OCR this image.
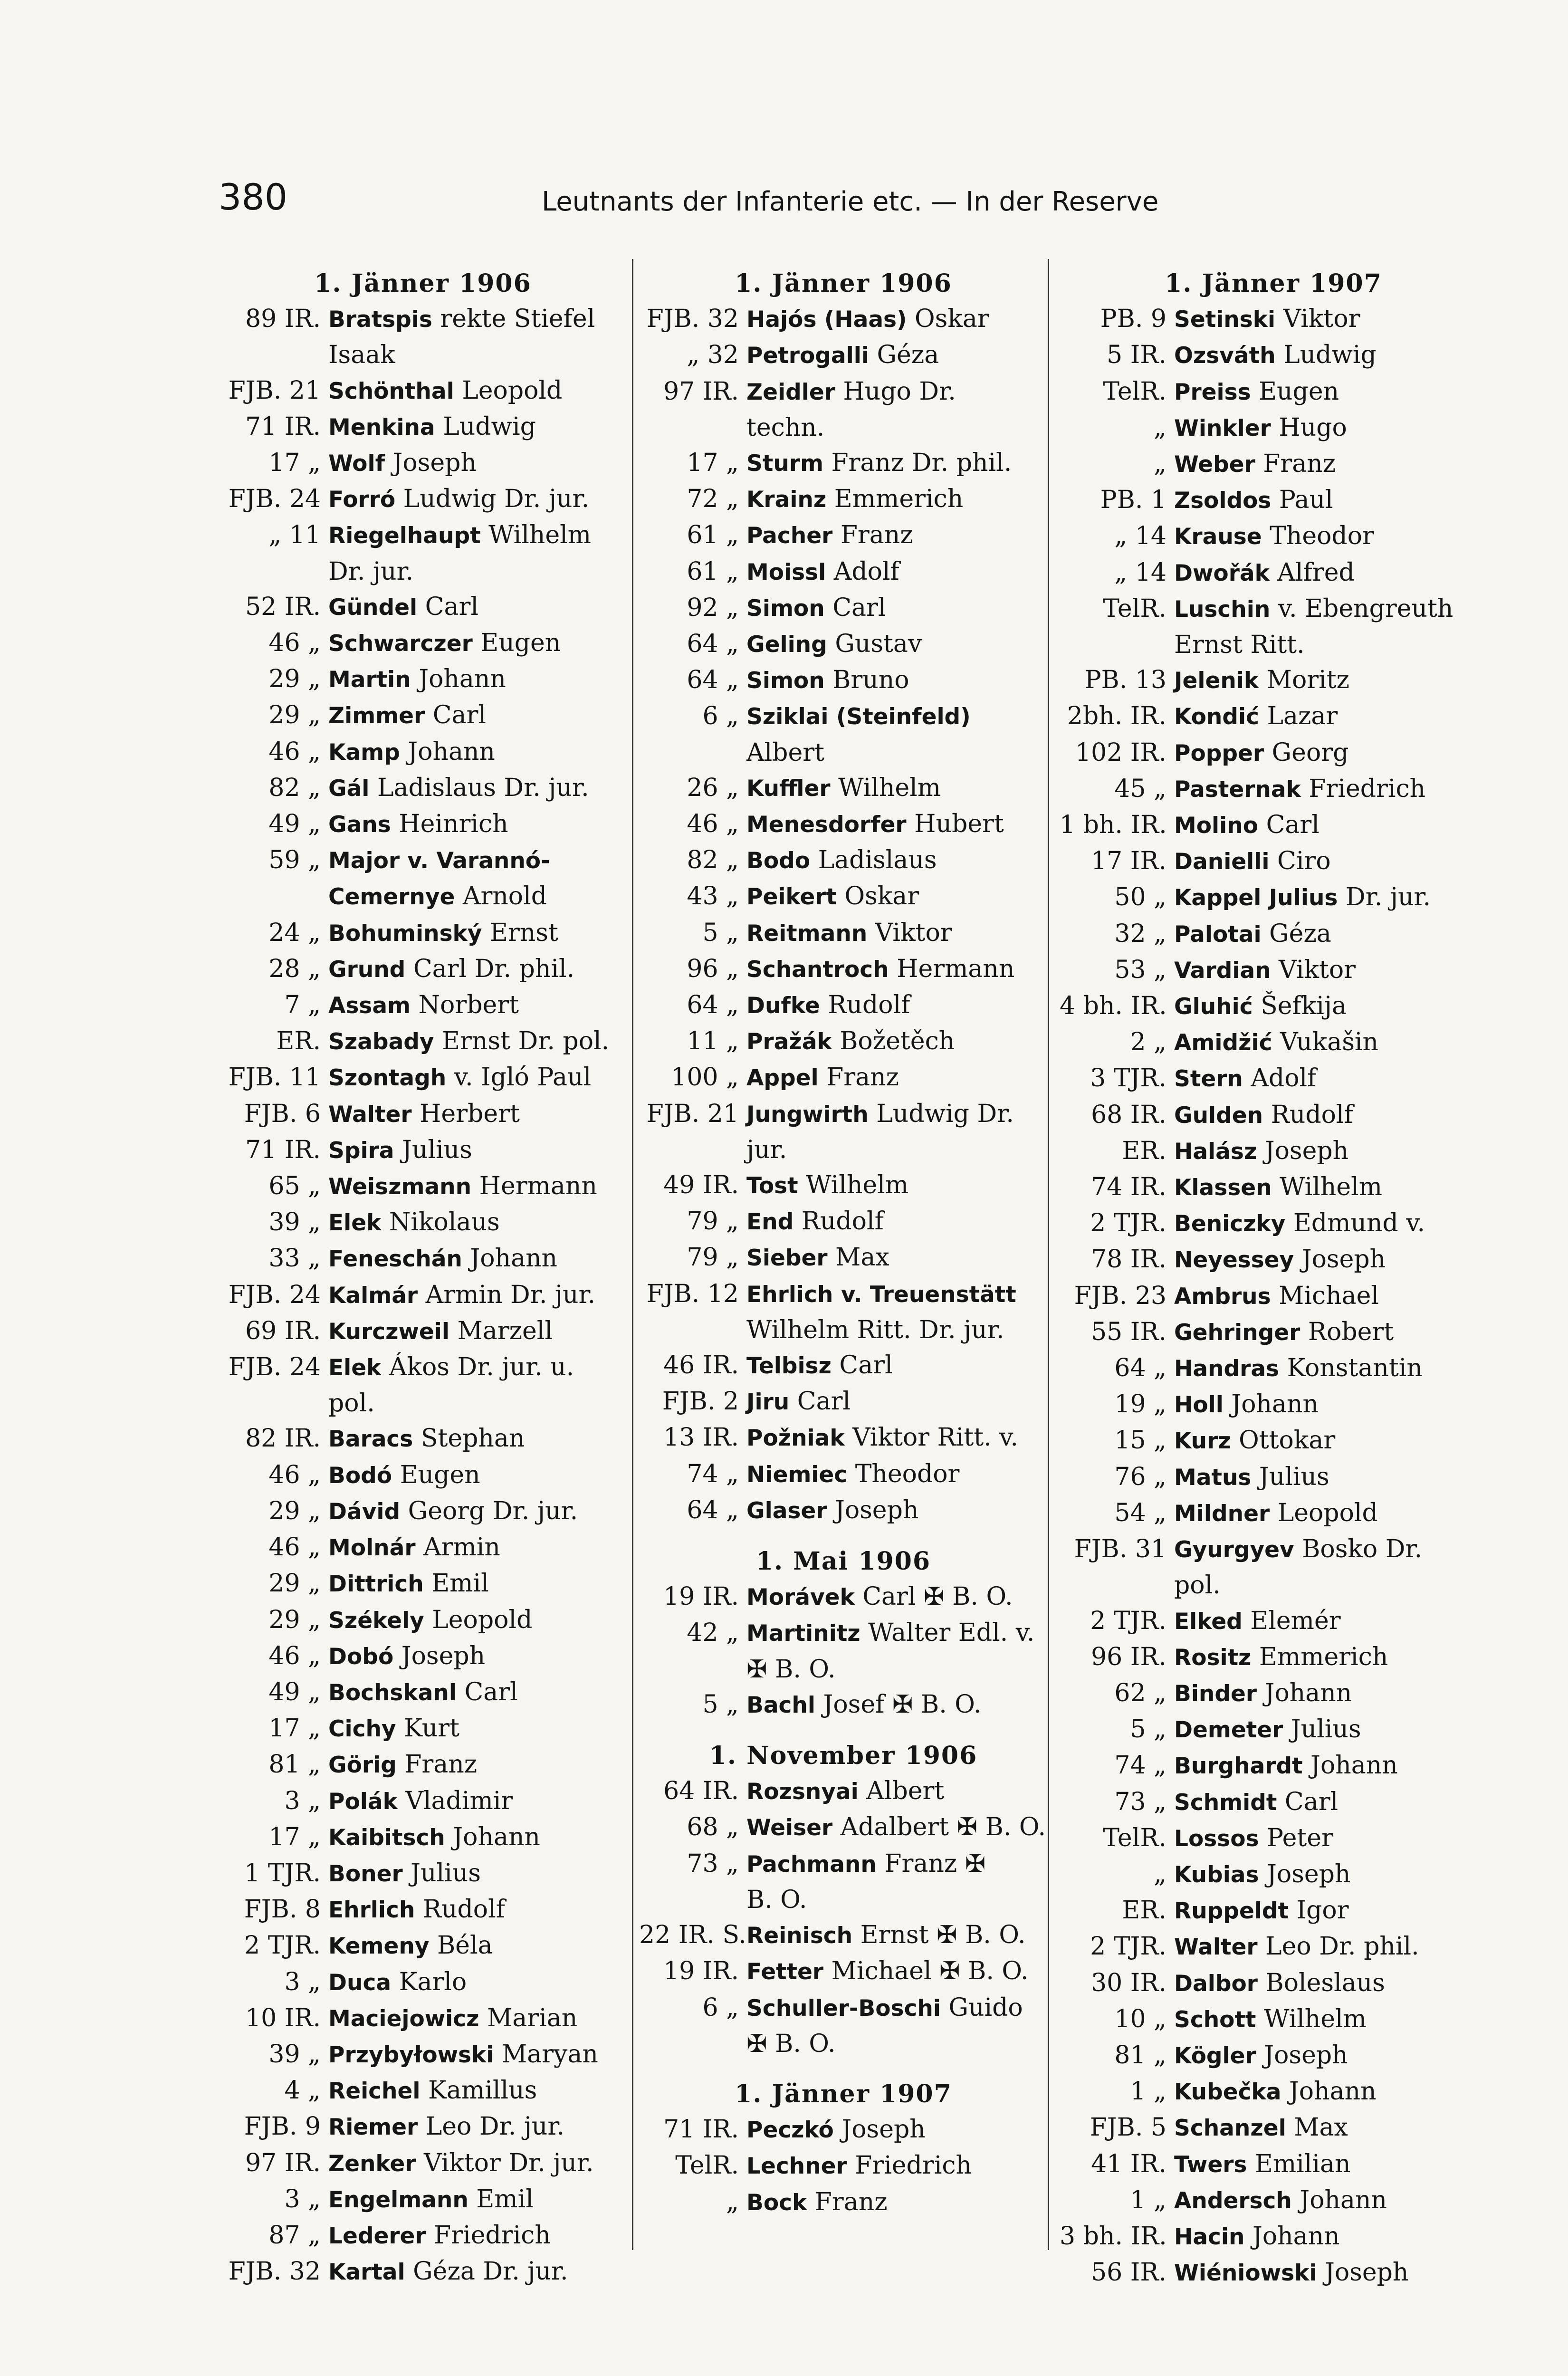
380	Leutnants der Infanterie etc. — In der Reserve
1. Jänner 1906
89 IR. Bratspis rekte Stiefel
Isaak
FJB. 21 Schönthal Leopold
71 IR. Menkina Ludwig
17 „ Wolf Joseph
FJB. 24 Forró Ludwig Dr. jur.
„ 11 Riegelhaupt Wilhelm
Dr. jur.
52 IR. Gündel Carl
46 „ Schwarczer Eugen
29 „ Martin Johann
29 „ Zimmer Carl
46 „ Kamp Johann
82 „ Gál Ladislaus Dr. jur.
49 „ Gans Heinrich
59 „ Major v. Varannó-
Cemernye Arnold
24 „ Bohuminský Ernst
28 „ Grund Carl Dr. phil.
7 „ Assam Norbert
ER. Szabady Ernst Dr. pol.
FJB. 11 Szontagh v. Igló Paul
FJB. 6 Walter Herbert
71 IR. Spira Julius
65 „ Weiszmann Hermann
39 „ Elek Nikolaus
33 „ Feneschán Johann
FJB. 24 Kalmár Armin Dr. jur.
69 IR. Kurczweil Marzell
FJB. 24 Elek Ákos Dr. jur. u.
pol.
82 IR. Baracs Stephan
46 „ Bodó Eugen
29 „ Dávid Georg Dr. jur.
46 „ Molnár Armin
29 „ Dittrich Emil
29 „ Székely Leopold
46 „ Dobó Joseph
49 „ Bochskanl Carl
17 „ Cichy Kurt
81 „ Görig Franz
3 „ Polák Vladimir
17 „ Kaibitsch Johann
1 TJR. Boner Julius
FJB. 8 Ehrlich Rudolf
2 TJR. Kemeny Béla
3 „ Duca Karlo
10 IR. Maciejowicz Marian
39 „ Przybyłowski Maryan
4 „ Reichel Kamillus
FJB. 9 Riemer Leo Dr. jur.
97 IR. Zenker Viktor Dr. jur.
3 „ Engelmann Emil
87 „ Lederer Friedrich
FJB. 32 Kartal Géza Dr. jur.
1. Jänner 1906
FJB. 32 Hajós (Haas) Oskar
„ 32 Petrogalli Géza
97 IR. Zeidler Hugo Dr.
techn.
17 „ Sturm Franz Dr. phil.
72 „ Krainz Emmerich
61 „ Pacher Franz
61 „ Moissl Adolf
92 „ Simon Carl
64 „ Geling Gustav
64 „ Simon Bruno
6 „ Sziklai (Steinfeld)
Albert
26 „ Kuffler Wilhelm
46 „ Menesdorfer Hubert
82 „ Bodo Ladislaus
43 „ Peikert Oskar
5 „ Reitmann Viktor
96 „ Schantroch Hermann
64 „ Dufke Rudolf
11 „ Pražák Božetěch
100 „ Appel Franz
FJB. 21 Jungwirth Ludwig Dr.
jur.
49 IR. Tost Wilhelm
79 „ End Rudolf
79 „ Sieber Max
FJB. 12 Ehrlich v. Treuenstätt
Wilhelm Ritt. Dr. jur.
46 IR. Telbisz Carl
FJB. 2 Jiru Carl
13 IR. Požniak Viktor Ritt. v.
74 „ Niemiec Theodor
64 „ Glaser Joseph
1. Mai 1906
19 IR. Morávek Carl ✠ B. O.
42 „ Martinitz Walter Edl. v.
✠ B. O.
5 „ Bachl Josef ✠ B. O.
1. November 1906
64 IR. Rozsnyai Albert
68 „ Weiser Adalbert ✠ B. O.
73 „ Pachmann Franz ✠
B. O.
22 IR. S. Reinisch Ernst ✠ B. O.
19 IR. Fetter Michael ✠ B. O.
6 „ Schuller-Boschi Guido
✠ B. O.
1. Jänner 1907
71 IR. Peczkó Joseph
TelR. Lechner Friedrich
„ Bock Franz
1. Jänner 1907
PB. 9 Setinski Viktor
5 IR. Ozsváth Ludwig
TelR. Preiss Eugen
„ Winkler Hugo
„ Weber Franz
PB. 1 Zsoldos Paul
„ 14 Krause Theodor
„ 14 Dwořák Alfred
TelR. Luschin v. Ebengreuth
Ernst Ritt.
PB. 13 Jelenik Moritz
2bh. IR. Kondić Lazar
102 IR. Popper Georg
45 „ Pasternak Friedrich
1 bh. IR. Molino Carl
17 IR. Danielli Ciro
50 „ Kappel Julius Dr. jur.
32 „ Palotai Géza
53 „ Vardian Viktor
4 bh. IR. Gluhić Šefkija
2 „ Amidžić Vukašin
3 TJR. Stern Adolf
68 IR. Gulden Rudolf
ER. Halász Joseph
74 IR. Klassen Wilhelm
2 TJR. Beniczky Edmund v.
78 IR. Neyessey Joseph
FJB. 23 Ambrus Michael
55 IR. Gehringer Robert
64 „ Handras Konstantin
19 „ Holl Johann
15 „ Kurz Ottokar
76 „ Matus Julius
54 „ Mildner Leopold
FJB. 31 Gyurgyev Bosko Dr.
pol.
2 TJR. Elked Elemér
96 IR. Rositz Emmerich
62 „ Binder Johann
5 „ Demeter Julius
74 „ Burghardt Johann
73 „ Schmidt Carl
TelR. Lossos Peter
„ Kubias Joseph
ER. Ruppeldt Igor
2 TJR. Walter Leo Dr. phil.
30 IR. Dalbor Boleslaus
10 „ Schott Wilhelm
81 „ Kögler Joseph
1 „ Kubečka Johann
FJB. 5 Schanzel Max
41 IR. Twers Emilian
1 „ Andersch Johann
3 bh. IR. Hacin Johann
56 IR. Wiéniowski Joseph
